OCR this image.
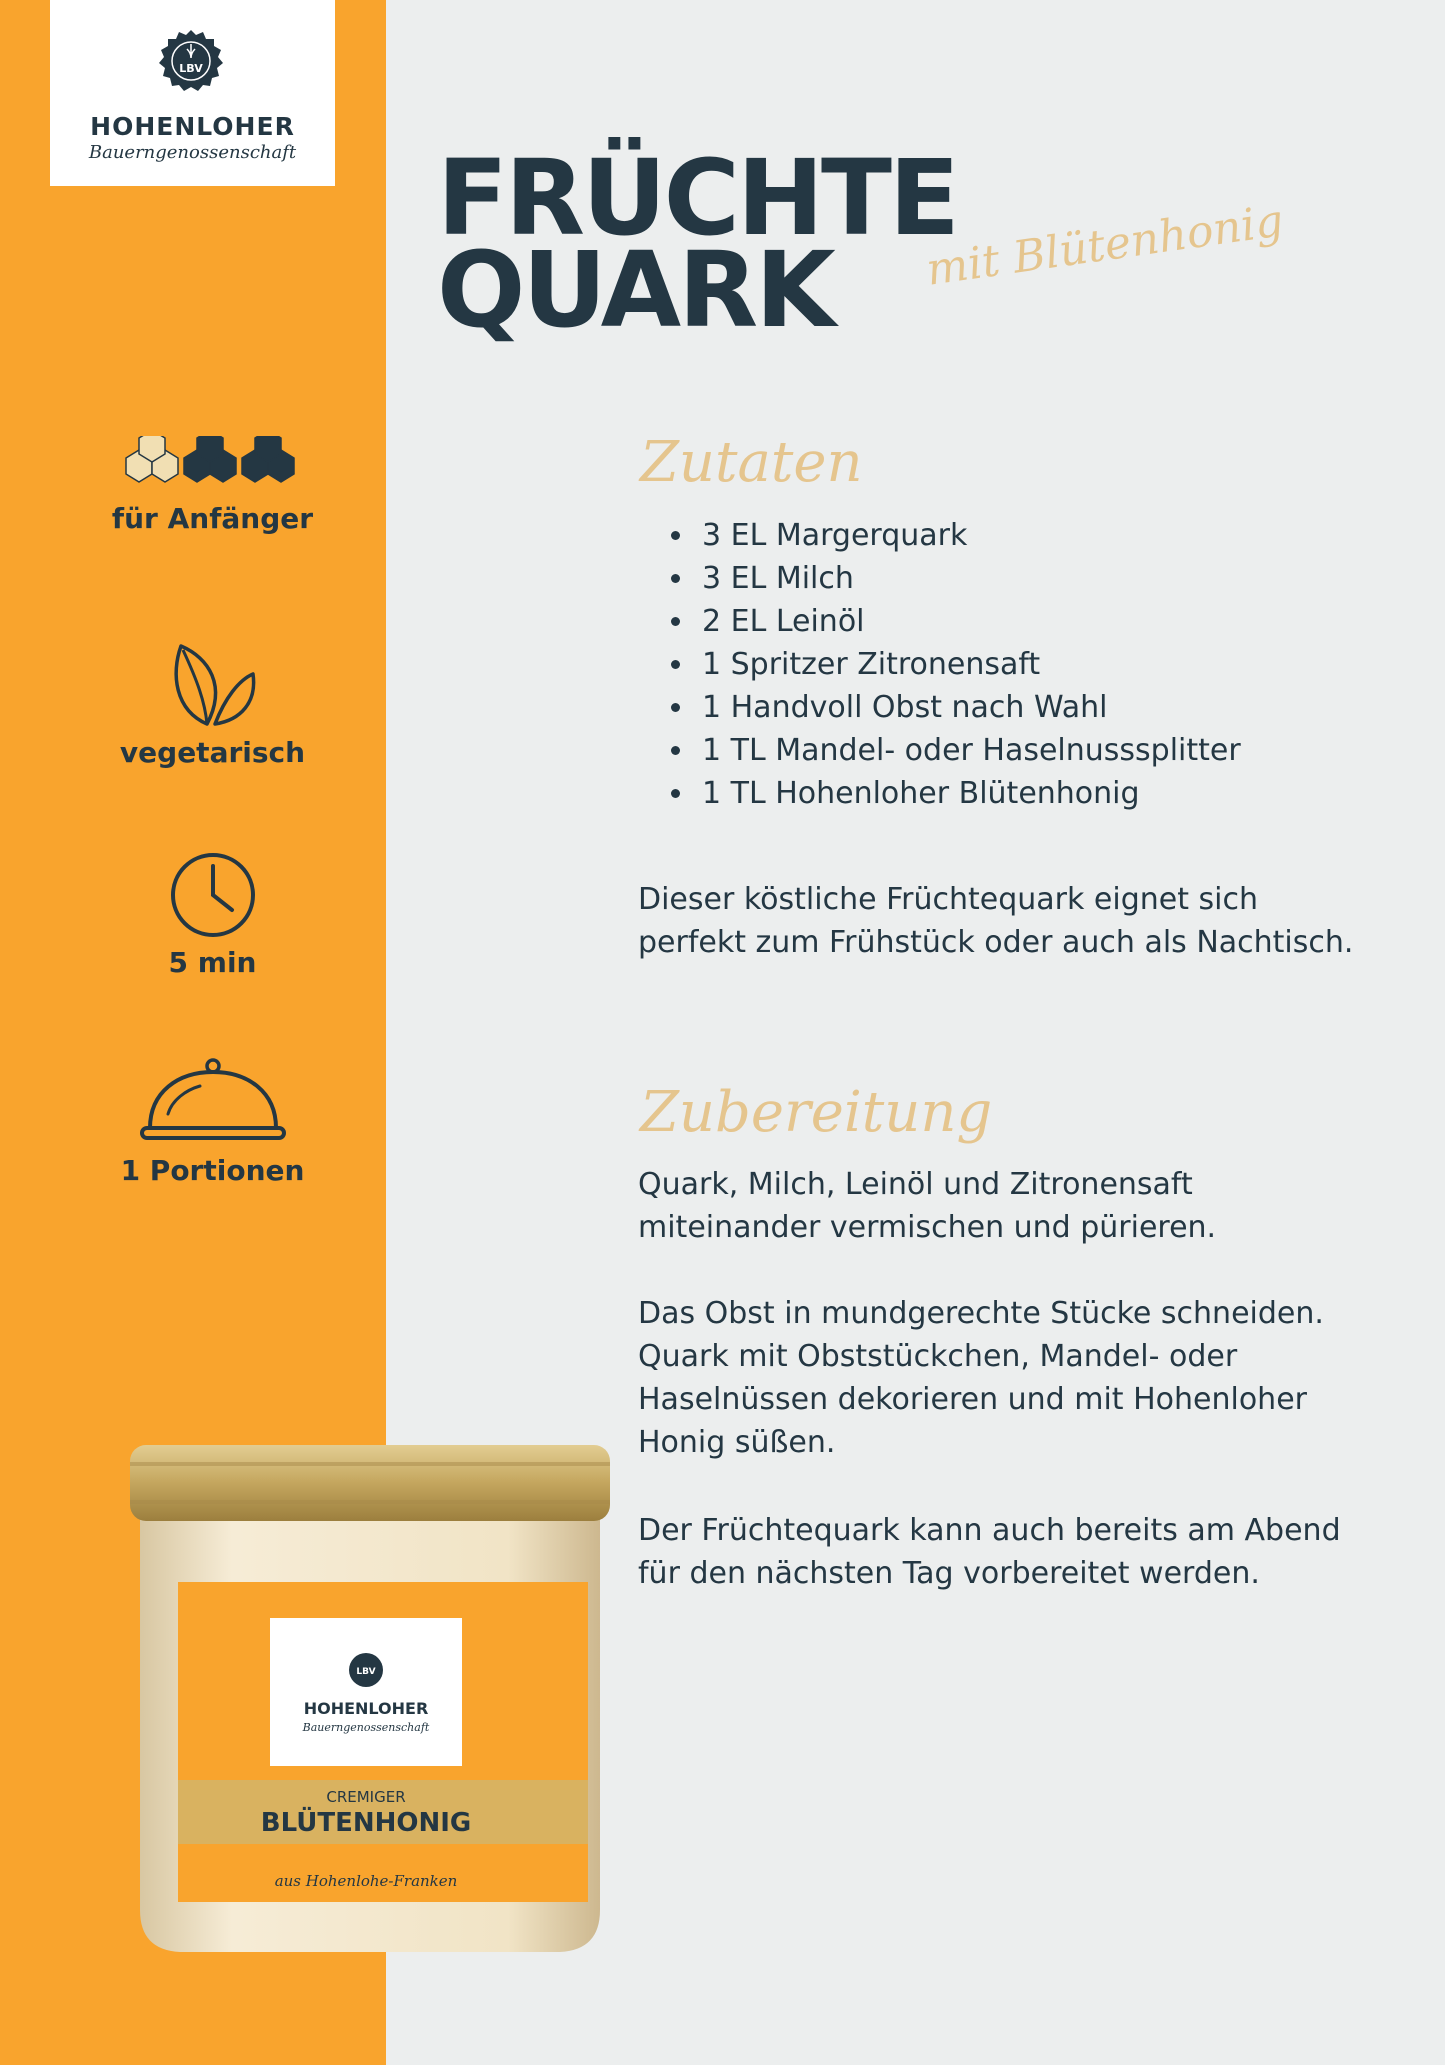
LBV
HOHENLOHER
Bauerngenossenschaft
für Anfänger
vegetarisch
5 min
1 Portionen
FRÜCHTE
QUARK	mit Blütenhonig
Zutaten
• 3 EL Margerquark
• 3 EL Milch
• 2 EL Leinöl
• 1 Spritzer Zitronensaft
• 1 Handvoll Obst nach Wahl
• 1 TL Mandel- oder Haselnusssplitter
• 1 TL Hohenloher Blütenhonig

Dieser köstliche Früchtequark eignet sich perfekt zum Frühstück oder auch als Nachtisch.

Zubereitung

Quark, Milch, Leinöl und Zitronensaft miteinander vermischen und pürieren.

Das Obst in mundgerechte Stücke schneiden. Quark mit Obststückchen, Mandel- oder Haselnüssen dekorieren und mit Hohenloher Honig süßen.

Der Früchtequark kann auch bereits am Abend für den nächsten Tag vorbereitet werden.

LBV
HOHENLOHER
Bauerngenossenschaft
CREMIGER
BLÜTENHONIG
aus Hohenlohe-Franken
